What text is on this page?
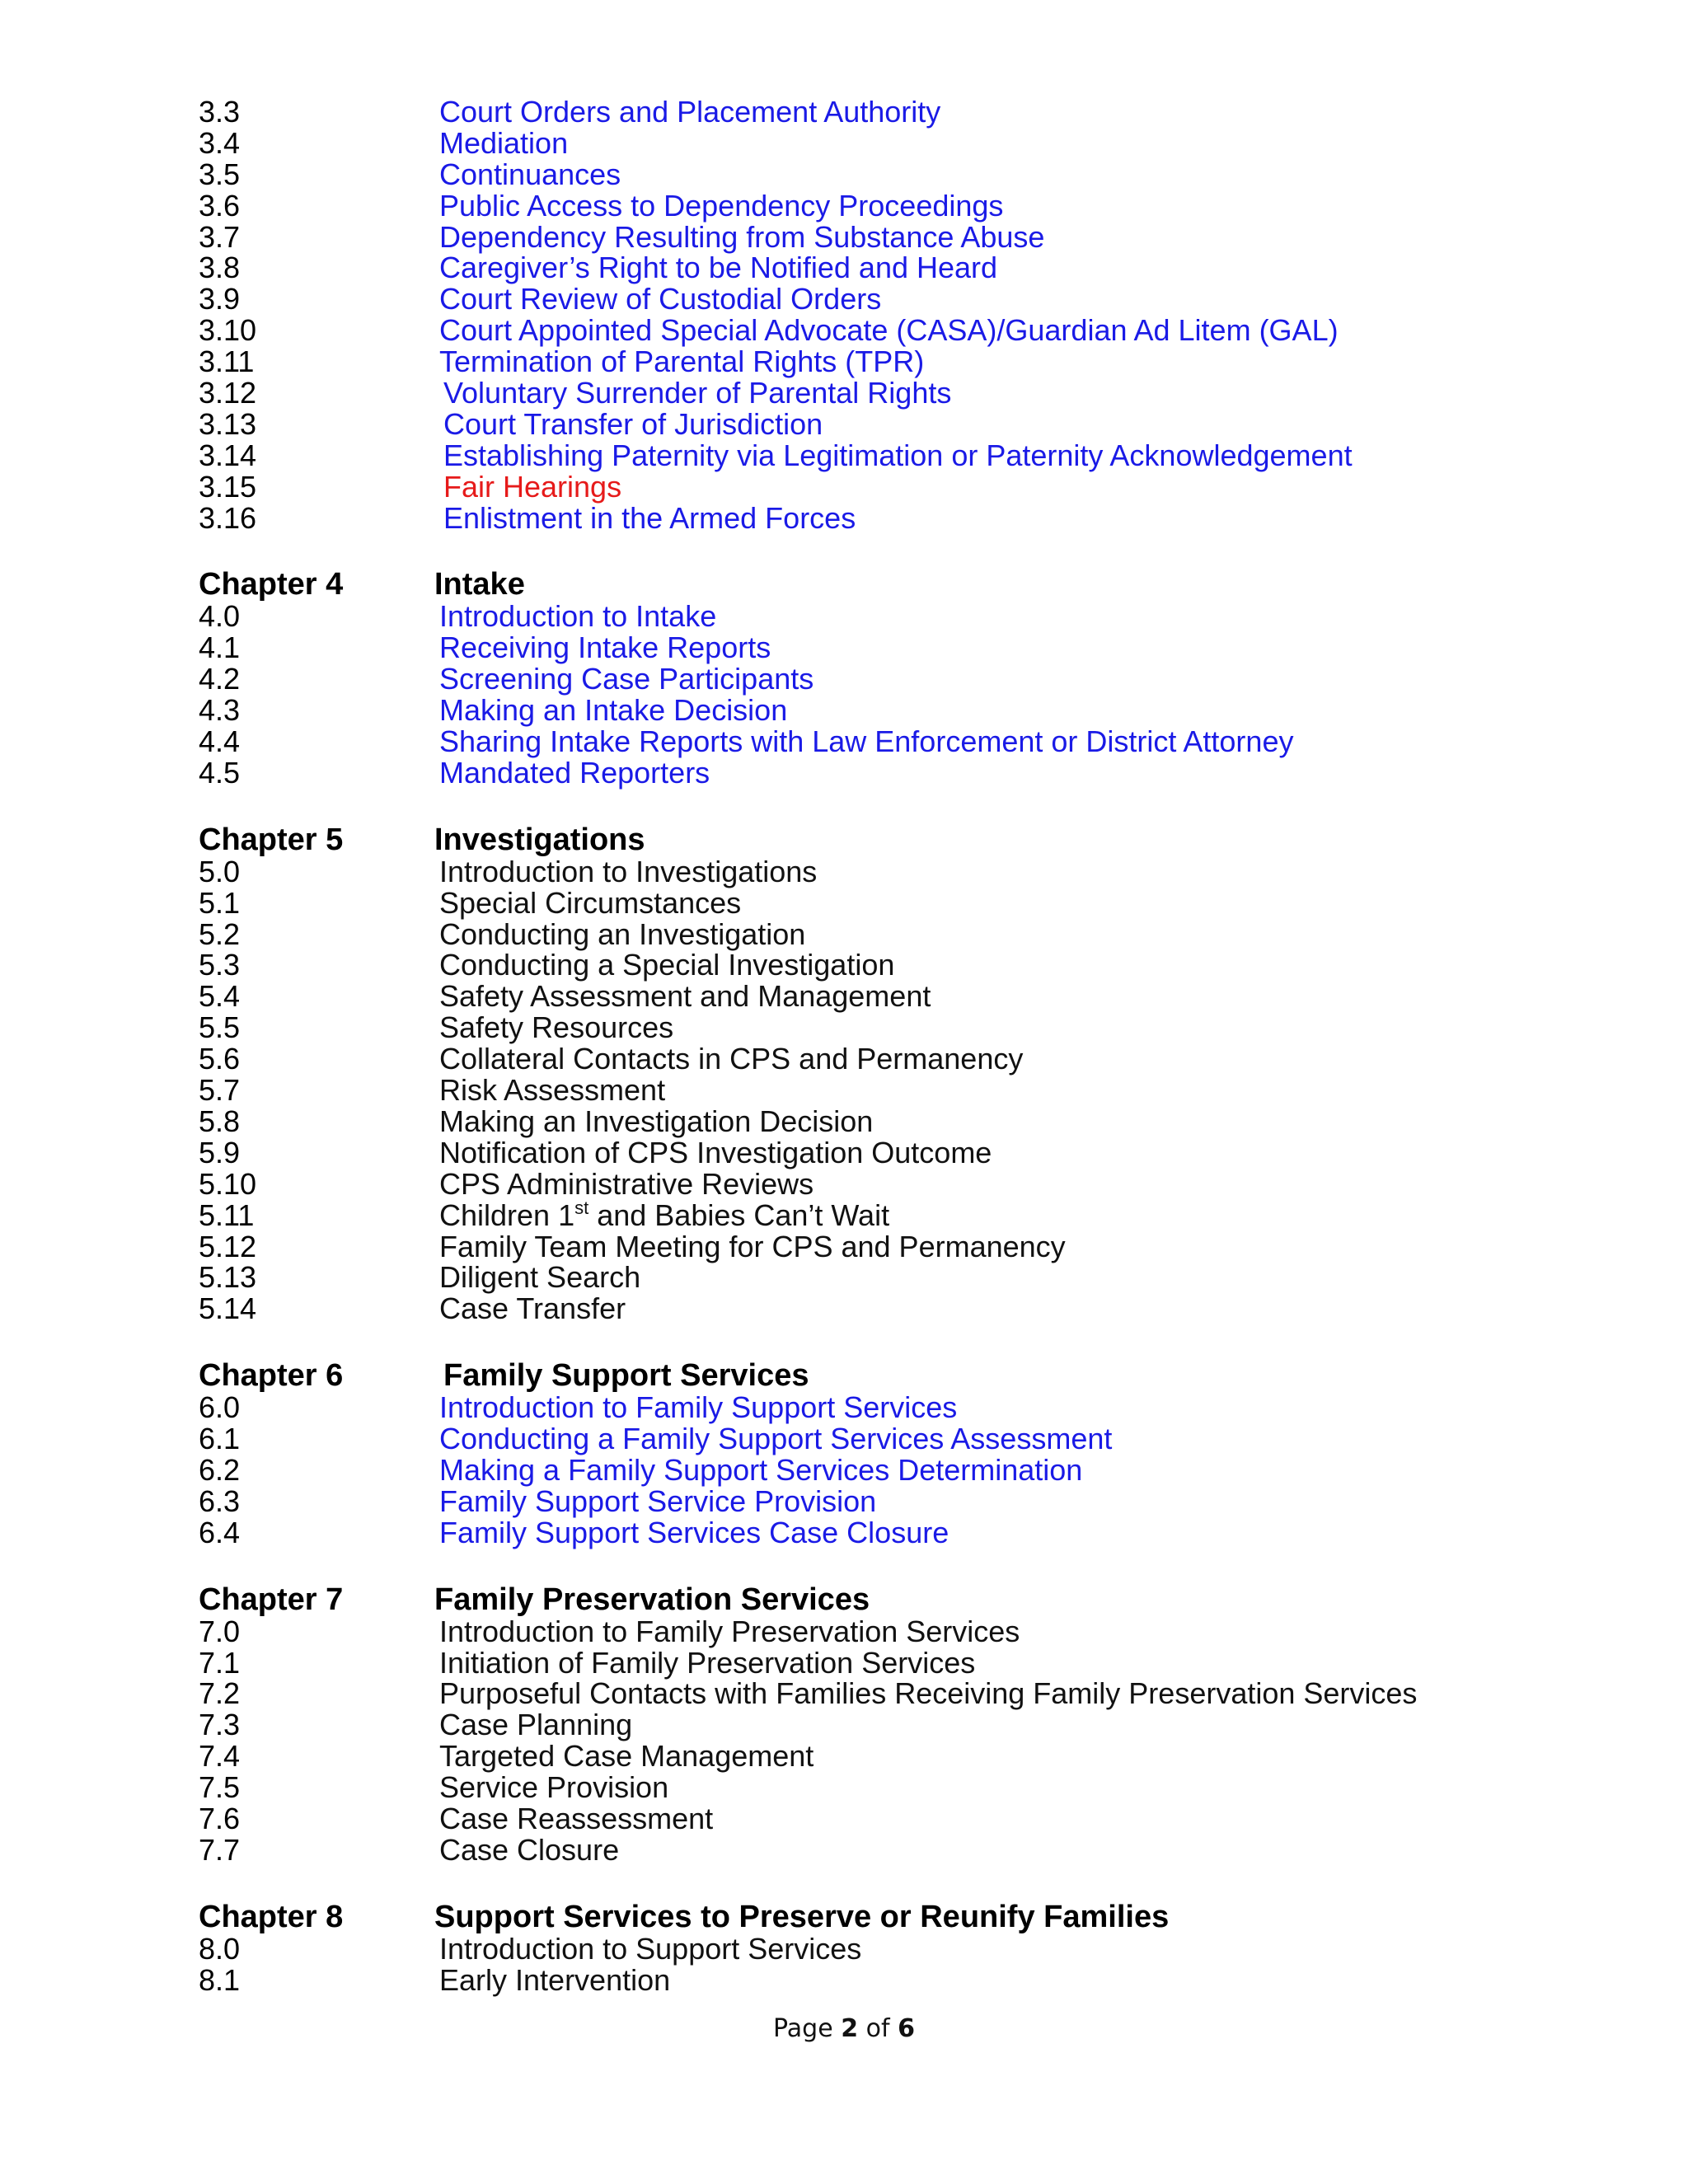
3.3	Court Orders and Placement Authority
3.4	Mediation
3.5	Continuances
3.6	Public Access to Dependency Proceedings
3.7	Dependency Resulting from Substance Abuse
3.8	Caregiver’s Right to be Notified and Heard
3.9	Court Review of Custodial Orders
3.10	Court Appointed Special Advocate (CASA)/Guardian Ad Litem (GAL)
3.11	Termination of Parental Rights (TPR)
3.12	Voluntary Surrender of Parental Rights
3.13	Court Transfer of Jurisdiction
3.14	Establishing Paternity via Legitimation or Paternity Acknowledgement
3.15	Fair Hearings
3.16	Enlistment in the Armed Forces
Chapter 4	Intake
4.0	Introduction to Intake
4.1	Receiving Intake Reports
4.2	Screening Case Participants
4.3	Making an Intake Decision
4.4	Sharing Intake Reports with Law Enforcement or District Attorney
4.5	Mandated Reporters
Chapter 5	Investigations
5.0	Introduction to Investigations
5.1	Special Circumstances
5.2	Conducting an Investigation
5.3	Conducting a Special Investigation
5.4	Safety Assessment and Management
5.5	Safety Resources
5.6	Collateral Contacts in CPS and Permanency
5.7	Risk Assessment
5.8	Making an Investigation Decision
5.9	Notification of CPS Investigation Outcome
5.10	CPS Administrative Reviews
5.11	Children 1st and Babies Can’t Wait
5.12	Family Team Meeting for CPS and Permanency
5.13	Diligent Search
5.14	Case Transfer
Chapter 6	Family Support Services
6.0	Introduction to Family Support Services
6.1	Conducting a Family Support Services Assessment
6.2	Making a Family Support Services Determination
6.3	Family Support Service Provision
6.4	Family Support Services Case Closure
Chapter 7	Family Preservation Services
7.0	Introduction to Family Preservation Services
7.1	Initiation of Family Preservation Services
7.2	Purposeful Contacts with Families Receiving Family Preservation Services
7.3	Case Planning
7.4	Targeted Case Management
7.5	Service Provision
7.6	Case Reassessment
7.7	Case Closure
Chapter 8	Support Services to Preserve or Reunify Families
8.0	Introduction to Support Services
8.1	Early Intervention
Page 2 of 6
